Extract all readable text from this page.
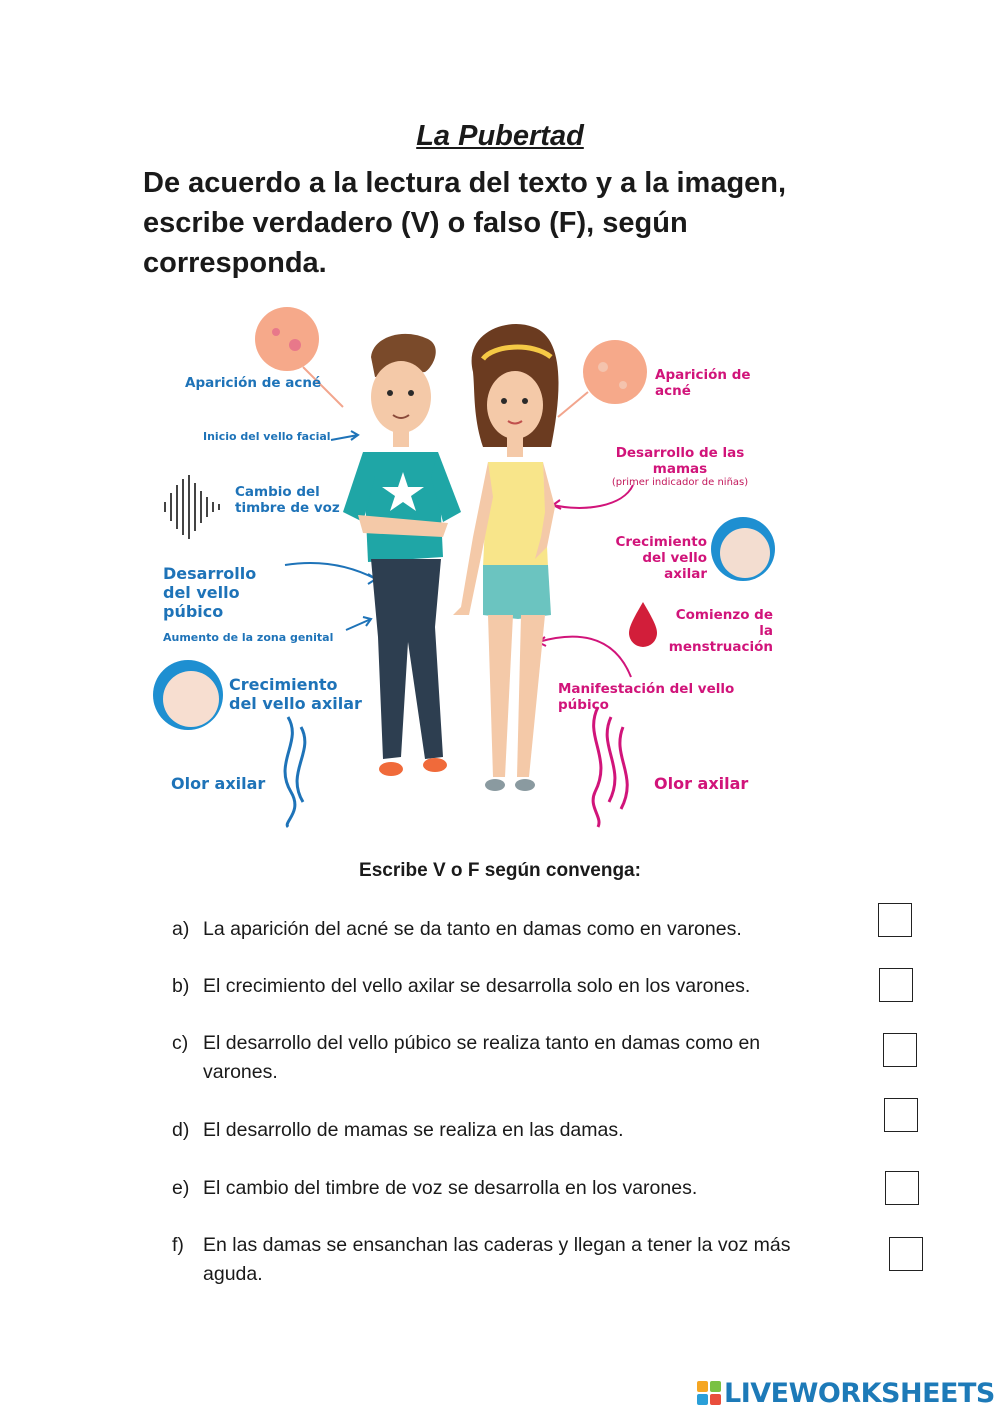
La Pubertad
De acuerdo a la lectura del texto y a la imagen, escribe verdadero (V) o falso (F), según corresponda.
Aparición de acné
Inicio del vello facial
Cambio del timbre de voz
Desarrollo del vello púbico
Aumento de la zona genital
Crecimiento del vello axilar
Olor axilar
Aparición de acné
Desarrollo de las mamas
(primer indicador de niñas)
Crecimiento del vello axilar
Comienzo de la menstruación
Manifestación del vello púbico
Olor axilar
Escribe V o F según convenga:
a) La aparición del acné se da tanto en damas como en varones.
b) El crecimiento del vello axilar se desarrolla solo en los varones.
c) El desarrollo del vello púbico se realiza tanto en damas como en varones.
d) El desarrollo de mamas se realiza en las damas.
e) El cambio del timbre de voz se desarrolla en los varones.
f) En las damas se ensanchan las caderas y llegan a tener la voz más aguda.
LIVEWORKSHEETS
